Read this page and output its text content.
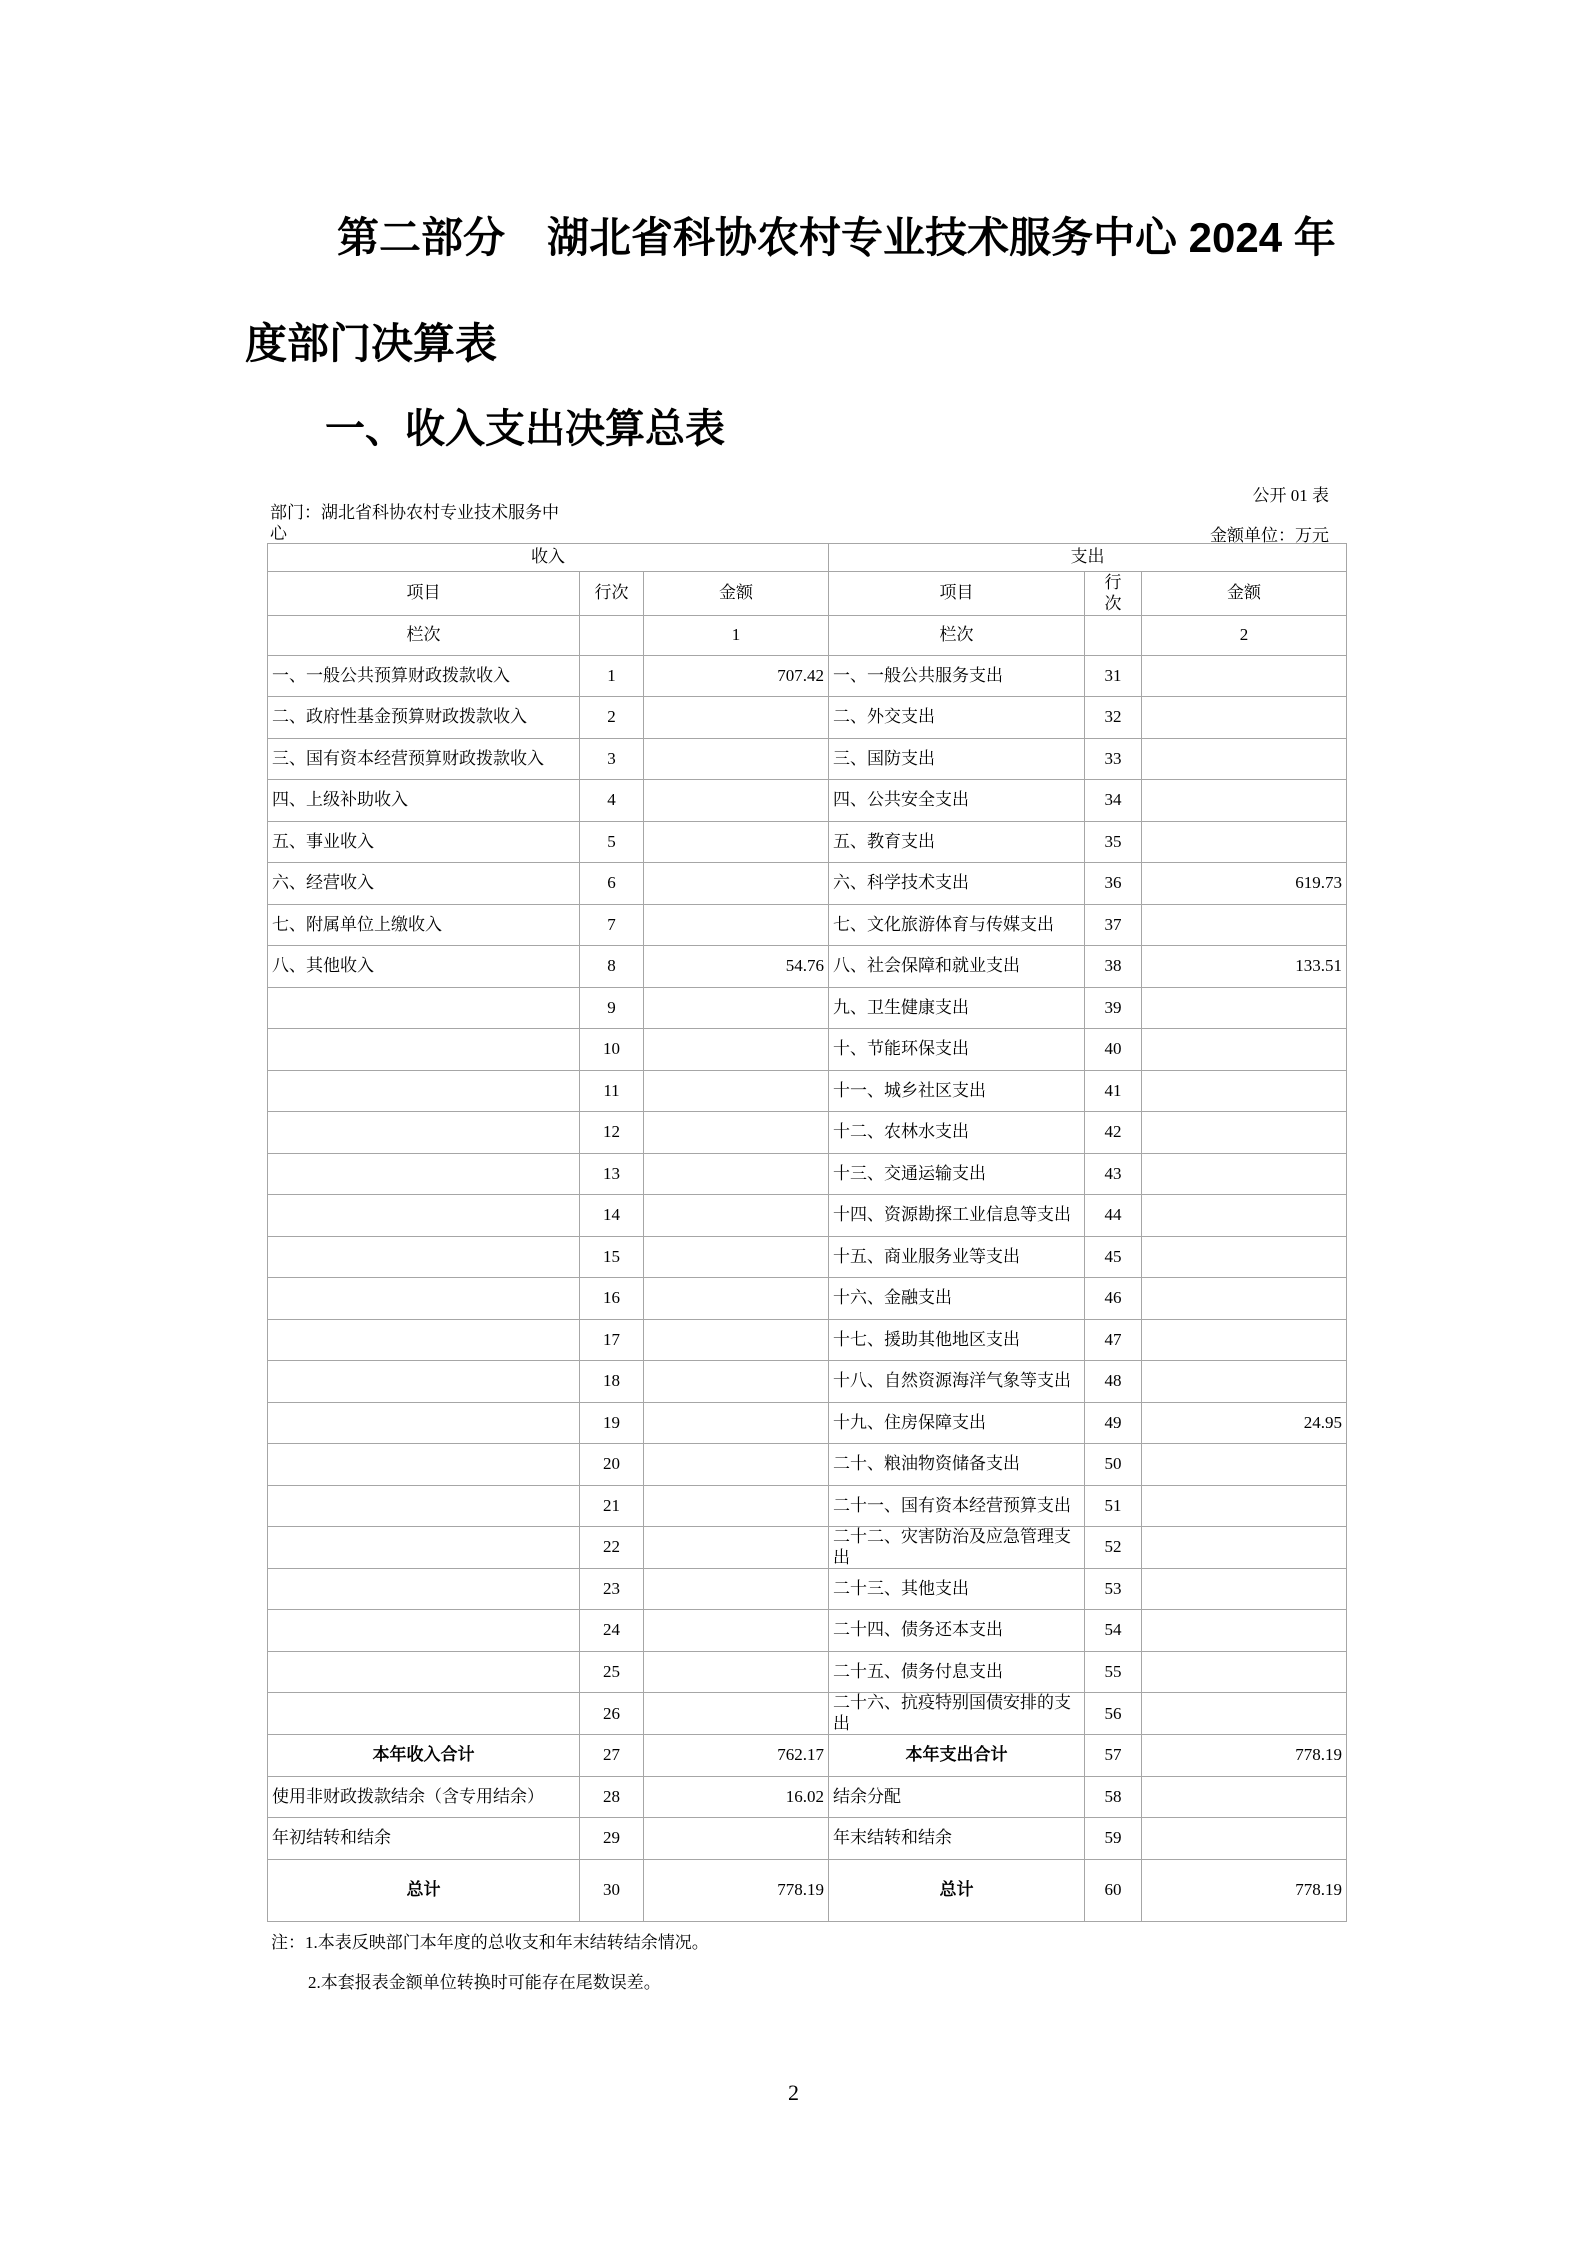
第二部分　湖北省科协农村专业技术服务中心 2024 年
度部门决算表
一、收入支出决算总表
公开 01 表
部门：湖北省科协农村专业技术服务中心	金额单位：万元
收入			支出		
项目	行次	金额	项目	行次	金额
栏次		1	栏次		2
一、一般公共预算财政拨款收入	1	707.42	一、一般公共服务支出	31	
二、政府性基金预算财政拨款收入	2		二、外交支出	32	
三、国有资本经营预算财政拨款收入	3		三、国防支出	33	
四、上级补助收入	4		四、公共安全支出	34	
五、事业收入	5		五、教育支出	35	
六、经营收入	6		六、科学技术支出	36	619.73
七、附属单位上缴收入	7		七、文化旅游体育与传媒支出	37	
八、其他收入	8	54.76	八、社会保障和就业支出	38	133.51
	9		九、卫生健康支出	39	
	10		十、节能环保支出	40	
	11		十一、城乡社区支出	41	
	12		十二、农林水支出	42	
	13		十三、交通运输支出	43	
	14		十四、资源勘探工业信息等支出	44	
	15		十五、商业服务业等支出	45	
	16		十六、金融支出	46	
	17		十七、援助其他地区支出	47	
	18		十八、自然资源海洋气象等支出	48	
	19		十九、住房保障支出	49	24.95
	20		二十、粮油物资储备支出	50	
	21		二十一、国有资本经营预算支出	51	
	22		二十二、灾害防治及应急管理支出	52	
	23		二十三、其他支出	53	
	24		二十四、债务还本支出	54	
	25		二十五、债务付息支出	55	
	26		二十六、抗疫特别国债安排的支出	56	
本年收入合计	27	762.17	本年支出合计	57	778.19
使用非财政拨款结余（含专用结余）	28	16.02	结余分配	58	
年初结转和结余	29		年末结转和结余	59	
总计	30	778.19	总计	60	778.19
注：1.本表反映部门本年度的总收支和年末结转结余情况。
2.本套报表金额单位转换时可能存在尾数误差。
2
